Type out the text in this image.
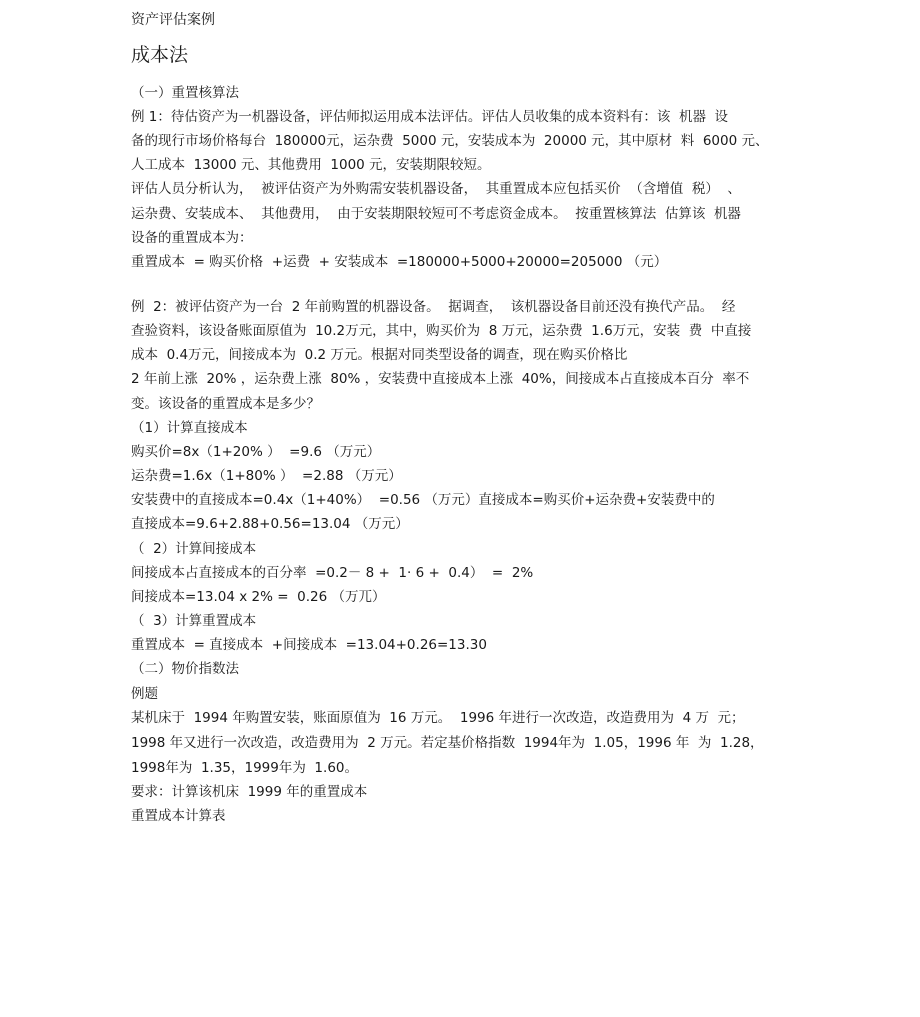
资产评估案例
成本法
（一）重置核算法
例 1：待估资产为一机器设备，评估师拟运用成本法评估。评估人员收集的成本资料有：该  机器  设
备的现行市场价格每台  180000元，运杂费  5000 元，安装成本为  20000 元，其中原材  料  6000 元、
人工成本  13000 元、其他费用  1000 元，安装期限较短。
评估人员分析认为，  被评估资产为外购需安装机器设备，  其重置成本应包括买价  （含增值  税）  、
运杂费、安装成本、  其他费用，  由于安装期限较短可不考虑资金成本。  按重置核算法  估算该  机器
设备的重置成本为：
重置成本  = 购买价格  +运费  + 安装成本  =180000+5000+20000=205000 （元）
例  2：被评估资产为一台  2 年前购置的机器设备。  据调查，  该机器设备目前还没有换代产品。  经
查验资料，该设备账面原值为  10.2万元，其中，购买价为  8 万元，运杂费  1.6万元，安装  费  中直接
成本  0.4万元，间接成本为  0.2 万元。根据对同类型设备的调查，现在购买价格比
2 年前上涨  20% ，运杂费上涨  80% ，安装费中直接成本上涨  40%，间接成本占直接成本百分  率不
变。该设备的重置成本是多少？
（1）计算直接成本
购买价=8x（1+20% ）  =9.6 （万元）
运杂费=1.6x（1+80% ）  =2.88 （万元）
安装费中的直接成本=0.4x（1+40%）  =0.56 （万元）直接成本=购买价+运杂费+安装费中的
直接成本=9.6+2.88+0.56=13.04 （万元）
（  2）计算间接成本
间接成本占直接成本的百分率  =0.2－ 8 +  1· 6 +  0.4）  =  2%
间接成本=13.04 x 2% =  0.26 （万兀）
（  3）计算重置成本
重置成本  = 直接成本  +间接成本  =13.04+0.26=13.30
（二）物价指数法
例题
某机床于  1994 年购置安装，账面原值为  16 万元。  1996 年进行一次改造，改造费用为  4 万  元；
1998 年又进行一次改造，改造费用为  2 万元。若定基价格指数  1994年为  1.05，1996 年  为  1.28，
1998年为  1.35，1999年为  1.60。
要求：计算该机床  1999 年的重置成本
重置成本计算表
